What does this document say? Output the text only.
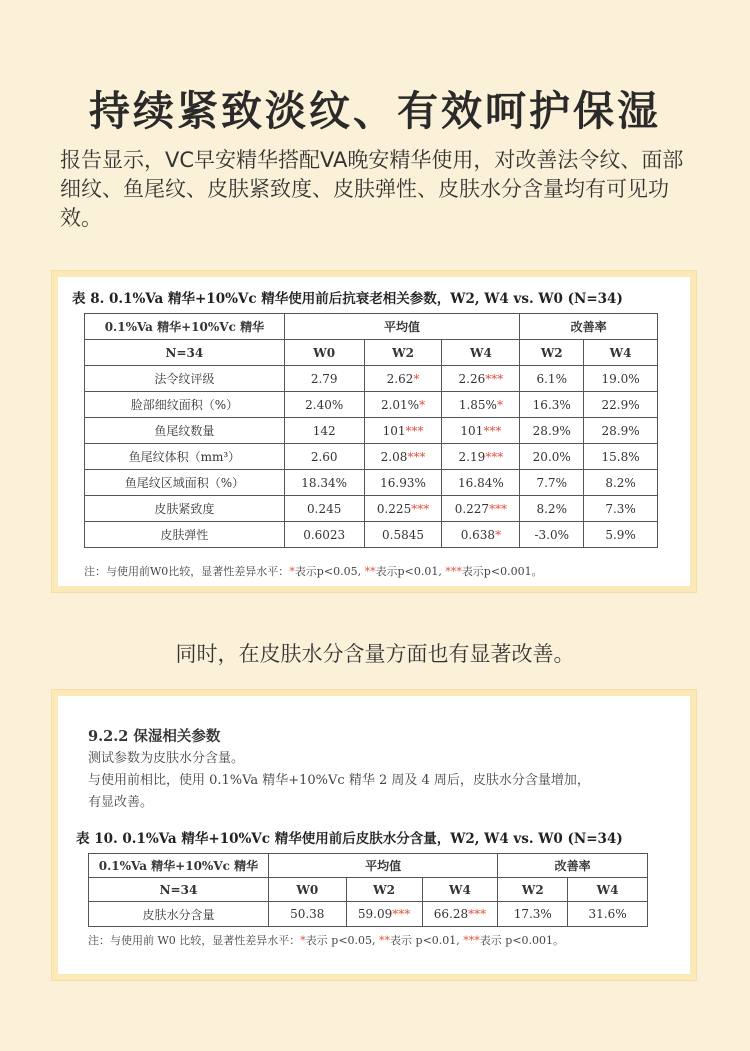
持续紧致淡纹、有效呵护保湿
报告显示，VC早安精华搭配VA晚安精华使用，对改善法令纹、面部细纹、鱼尾纹、皮肤紧致度、皮肤弹性、皮肤水分含量均有可见功效。
表 8. 0.1%Va 精华+10%Vc 精华使用前后抗衰老相关参数，W2, W4 vs. W0 (N=34)
0.1%Va 精华+10%Vc 精华	平均值			改善率	
N=34	W0	W2	W4	W2	W4
法令纹评级	2.79	2.62*	2.26***	6.1%	19.0%
脸部细纹面积（%）	2.40%	2.01%*	1.85%*	16.3%	22.9%
鱼尾纹数量	142	101***	101***	28.9%	28.9%
鱼尾纹体积（mm³）	2.60	2.08***	2.19***	20.0%	15.8%
鱼尾纹区域面积（%）	18.34%	16.93%	16.84%	7.7%	8.2%
皮肤紧致度	0.245	0.225***	0.227***	8.2%	7.3%
皮肤弹性	0.6023	0.5845	0.638*	-3.0%	5.9%
注：与使用前W0比较，显著性差异水平：*表示p<0.05, **表示p<0.01, ***表示p<0.001。
同时，在皮肤水分含量方面也有显著改善。
9.2.2 保湿相关参数
测试参数为皮肤水分含量。
与使用前相比，使用 0.1%Va 精华+10%Vc 精华 2 周及 4 周后，皮肤水分含量增加，
有显改善。
表 10. 0.1%Va 精华+10%Vc 精华使用前后皮肤水分含量，W2, W4 vs. W0 (N=34)
0.1%Va 精华+10%Vc 精华	平均值			改善率	
N=34	W0	W2	W4	W2	W4
皮肤水分含量	50.38	59.09***	66.28***	17.3%	31.6%
注：与使用前 W0 比较，显著性差异水平：*表示 p<0.05, **表示 p<0.01, ***表示 p<0.001。
